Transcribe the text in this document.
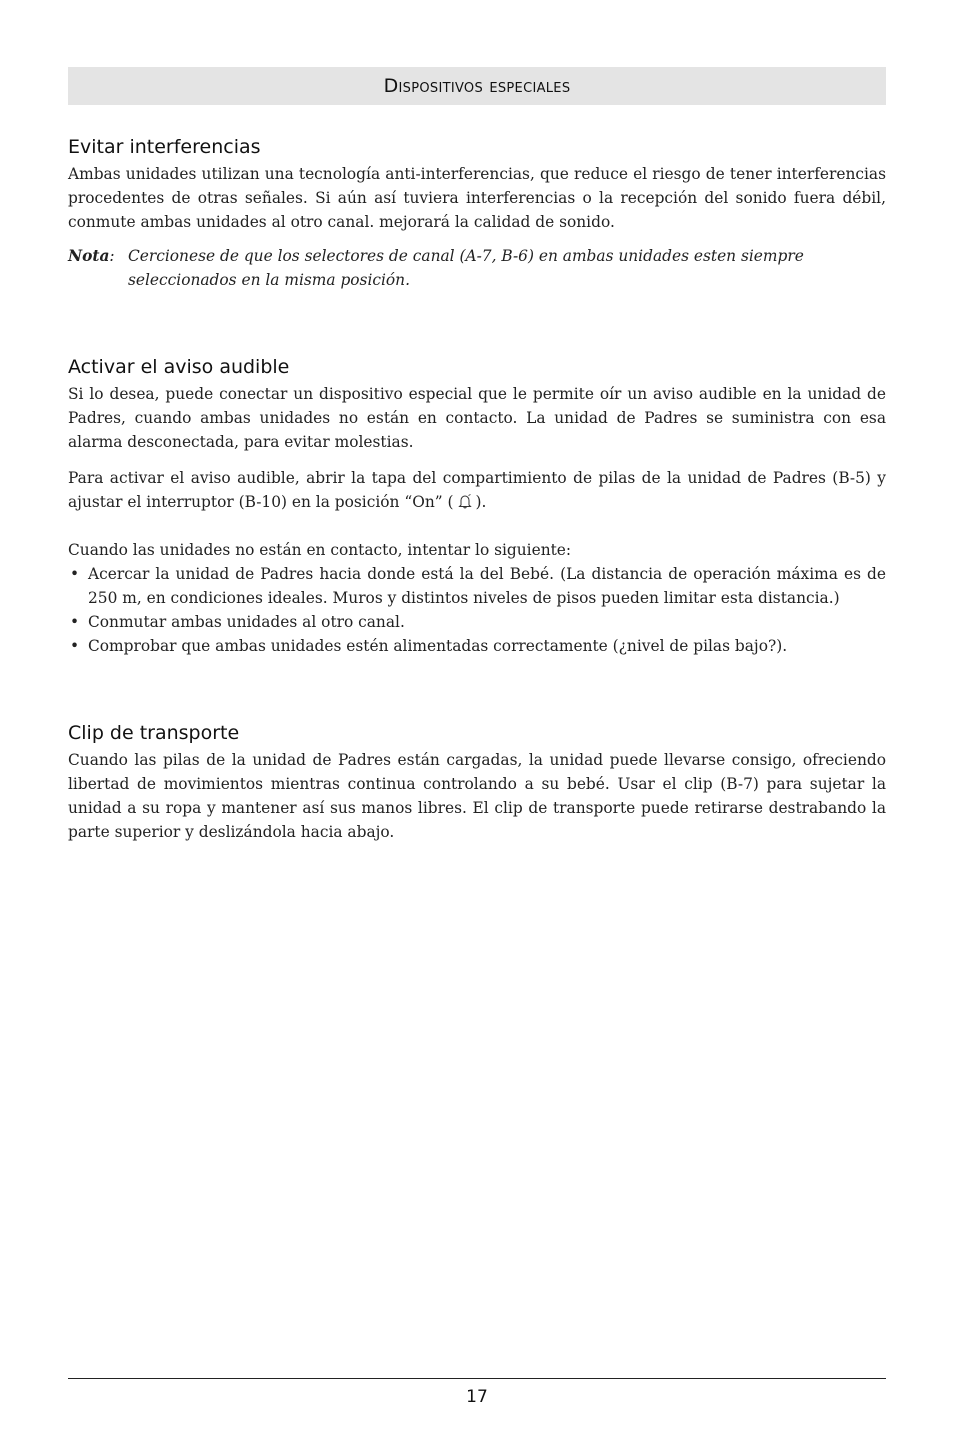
Dispositivos especiales
Evitar interferencias

Ambas unidades utilizan una tecnología anti-interferencias, que reduce el riesgo de tener interferencias procedentes de otras señales. Si aún así tuviera interferencias o la recepción del sonido fuera débil, conmute ambas unidades al otro canal. mejorará la calidad de sonido.

Nota: Cercionese de que los selectores de canal (A-7, B-6) en ambas unidades esten siempre seleccionados en la misma posición.
Activar el aviso audible

Si lo desea, puede conectar un dispositivo especial que le permite oír un aviso audible en la unidad de Padres, cuando ambas unidades no están en contacto. La unidad de Padres se suministra con esa alarma desconectada, para evitar molestias.

Para activar el aviso audible, abrir la tapa del compartimiento de pilas de la unidad de Padres (B-5) y ajustar el interruptor (B-10) en la posición “On” ( ).

Cuando las unidades no están en contacto, intentar lo siguiente:

• Acercar la unidad de Padres hacia donde está la del Bebé. (La distancia de operación máxima es de 250 m, en condiciones ideales. Muros y distintos niveles de pisos pueden limitar esta distancia.)
• Conmutar ambas unidades al otro canal.
• Comprobar que ambas unidades estén alimentadas correctamente (¿nivel de pilas bajo?).
Clip de transporte

Cuando las pilas de la unidad de Padres están cargadas, la unidad puede llevarse consigo, ofreciendo libertad de movimientos mientras continua controlando a su bebé. Usar el clip (B-7) para sujetar la unidad a su ropa y mantener así sus manos libres. El clip de transporte puede retirarse destrabando la parte superior y deslizándola hacia abajo.

17
